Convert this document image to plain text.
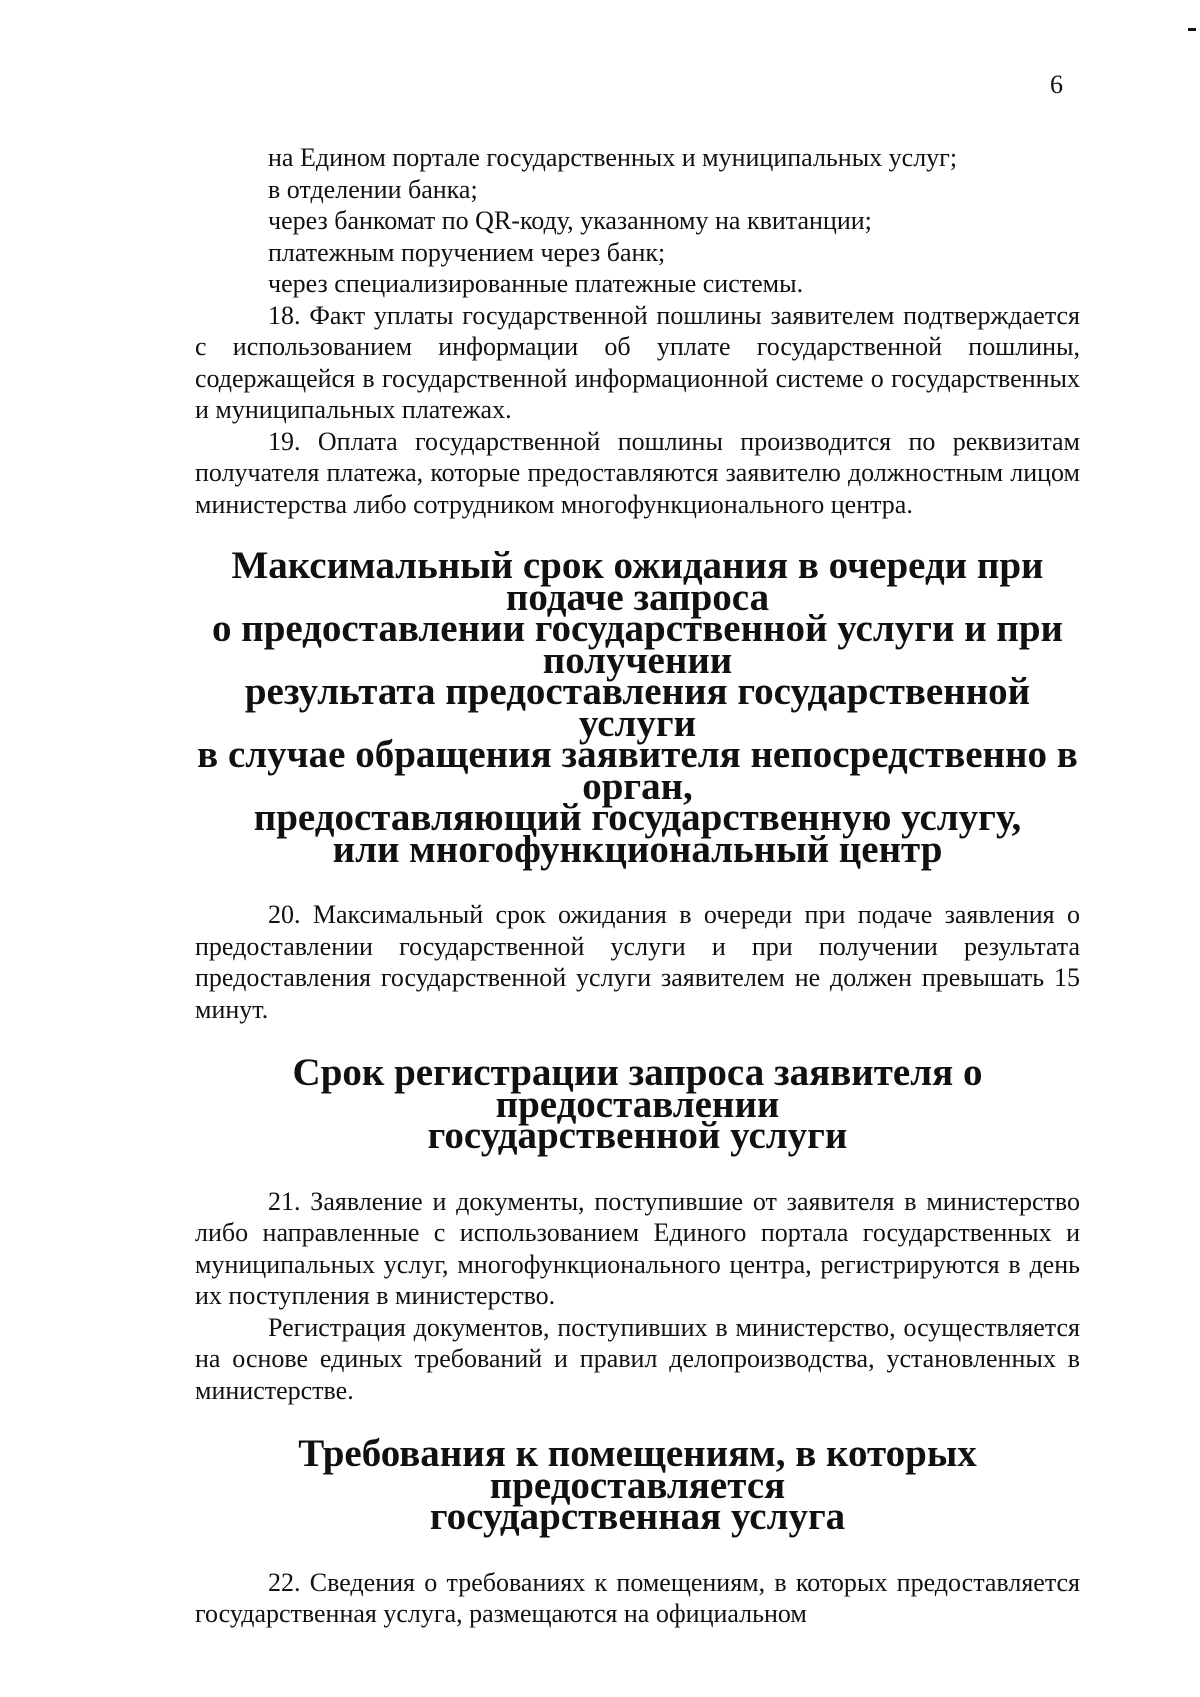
6

на Едином портале государственных и муниципальных услуг;

в отделении банка;

через банкомат по QR-коду, указанному на квитанции;

платежным поручением через банк;

через специализированные платежные системы.

18. Факт уплаты государственной пошлины заявителем подтверждается с использованием информации об уплате государственной пошлины, содержащейся в государственной информационной системе о государственных и муниципальных платежах.

19. Оплата государственной пошлины производится по реквизитам получателя платежа, которые предоставляются заявителю должностным лицом министерства либо сотрудником многофункционального центра.

Максимальный срок ожидания в очереди при подаче запроса
о предоставлении государственной услуги и при получении
результата предоставления государственной услуги
в случае обращения заявителя непосредственно в орган,
предоставляющий государственную услугу,
или многофункциональный центр

20. Максимальный срок ожидания в очереди при подаче заявления о предоставлении государственной услуги и при получении результата предоставления государственной услуги заявителем не должен превышать 15 минут.

Срок регистрации запроса заявителя о предоставлении
государственной услуги

21. Заявление и документы, поступившие от заявителя в министерство либо направленные с использованием Единого портала государственных и муниципальных услуг, многофункционального центра, регистрируются в день их поступления в министерство.

Регистрация документов, поступивших в министерство, осуществляется на основе единых требований и правил делопроизводства, установленных в министерстве.

Требования к помещениям, в которых предоставляется
государственная услуга

22. Сведения о требованиях к помещениям, в которых предоставляется государственная услуга, размещаются на официальном
